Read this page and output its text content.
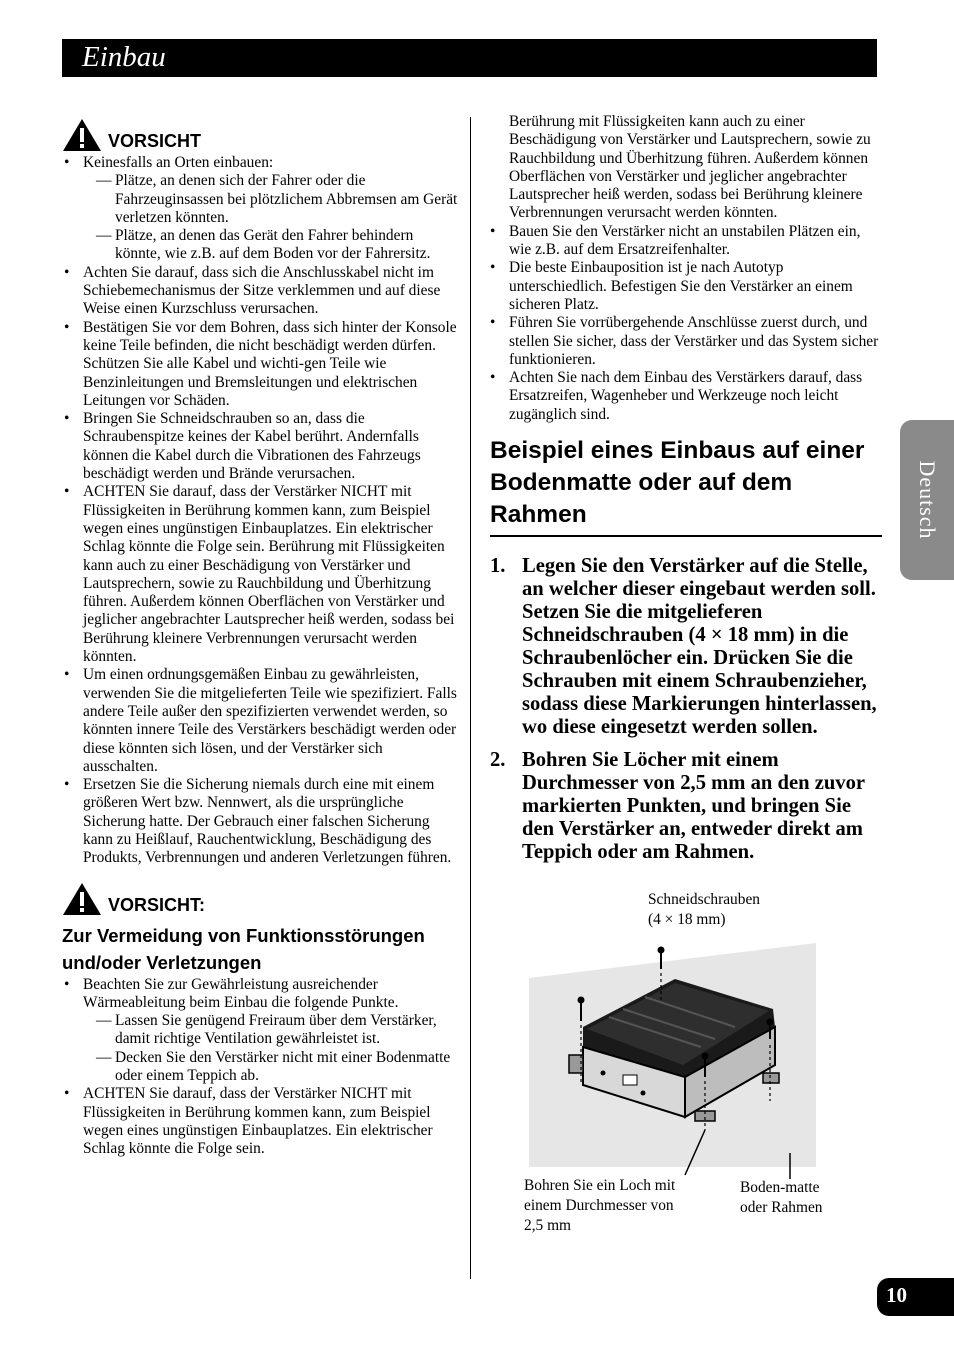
Einbau
VORSICHT
• Keinesfalls an Orten einbauen:
— Plätze, an denen sich der Fahrer oder die Fahrzeuginsassen bei plötzlichem Abbremsen am Gerät verletzen könnten.
— Plätze, an denen das Gerät den Fahrer behindern könnte, wie z.B. auf dem Boden vor der Fahrersitz.
• Achten Sie darauf, dass sich die Anschlusskabel nicht im Schiebemechanismus der Sitze verklemmen und auf diese Weise einen Kurzschluss verursachen.
• Bestätigen Sie vor dem Bohren, dass sich hinter der Konsole keine Teile befinden, die nicht beschädigt werden dürfen. Schützen Sie alle Kabel und wichti-gen Teile wie Benzinleitungen und Bremsleitungen und elektrischen Leitungen vor Schäden.
• Bringen Sie Schneidschrauben so an, dass die Schraubenspitze keines der Kabel berührt. Andernfalls können die Kabel durch die Vibrationen des Fahrzeugs beschädigt werden und Brände verursachen.
• ACHTEN Sie darauf, dass der Verstärker NICHT mit Flüssigkeiten in Berührung kommen kann, zum Beispiel wegen eines ungünstigen Einbauplatzes. Ein elektrischer Schlag könnte die Folge sein. Berührung mit Flüssigkeiten kann auch zu einer Beschädigung von Verstärker und Lautsprechern, sowie zu Rauchbildung und Überhitzung führen. Außerdem können Oberflächen von Verstärker und jeglicher angebrachter Lautsprecher heiß werden, sodass bei Berührung kleinere Verbrennungen verursacht werden könnten.
• Um einen ordnungsgemäßen Einbau zu gewährleisten, verwenden Sie die mitgelieferten Teile wie spezifiziert. Falls andere Teile außer den spezifizierten verwendet werden, so könnten innere Teile des Verstärkers beschädigt werden oder diese könnten sich lösen, und der Verstärker sich ausschalten.
• Ersetzen Sie die Sicherung niemals durch eine mit einem größeren Wert bzw. Nennwert, als die ursprüngliche Sicherung hatte. Der Gebrauch einer falschen Sicherung kann zu Heißlauf, Rauchentwicklung, Beschädigung des Produkts, Verbrennungen und anderen Verletzungen führen.
VORSICHT:
Zur Vermeidung von Funktionsstörungen und/oder Verletzungen
• Beachten Sie zur Gewährleistung ausreichender Wärmeableitung beim Einbau die folgende Punkte.
— Lassen Sie genügend Freiraum über dem Verstärker, damit richtige Ventilation gewährleistet ist.
— Decken Sie den Verstärker nicht mit einer Bodenmatte oder einem Teppich ab.
• ACHTEN Sie darauf, dass der Verstärker NICHT mit Flüssigkeiten in Berührung kommen kann, zum Beispiel wegen eines ungünstigen Einbauplatzes. Ein elektrischer Schlag könnte die Folge sein.
Berührung mit Flüssigkeiten kann auch zu einer Beschädigung von Verstärker und Lautsprechern, sowie zu Rauchbildung und Überhitzung führen. Außerdem können Oberflächen von Verstärker und jeglicher angebrachter Lautsprecher heiß werden, sodass bei Berührung kleinere Verbrennungen verursacht werden könnten.
• Bauen Sie den Verstärker nicht an unstabilen Plätzen ein, wie z.B. auf dem Ersatzreifenhalter.
• Die beste Einbauposition ist je nach Autotyp unterschiedlich. Befestigen Sie den Verstärker an einem sicheren Platz.
• Führen Sie vorrübergehende Anschlüsse zuerst durch, und stellen Sie sicher, dass der Verstärker und das System sicher funktionieren.
• Achten Sie nach dem Einbau des Verstärkers darauf, dass Ersatzreifen, Wagenheber und Werkzeuge noch leicht zugänglich sind.
Beispiel eines Einbaus auf einer Bodenmatte oder auf dem Rahmen
1. Legen Sie den Verstärker auf die Stelle, an welcher dieser eingebaut werden soll. Setzen Sie die mitgelieferen Schneidschrauben (4 × 18 mm) in die Schraubenlöcher ein. Drücken Sie die Schrauben mit einem Schraubenzieher, sodass diese Markierungen hinterlassen, wo diese eingesetzt werden sollen.
2. Bohren Sie Löcher mit einem Durchmesser von 2,5 mm an den zuvor markierten Punkten, und bringen Sie den Verstärker an, entweder direkt am Teppich oder am Rahmen.
Schneidschrauben
(4 × 18 mm)
Bohren Sie ein Loch mit
einem Durchmesser von
2,5 mm
Boden-matte
oder Rahmen
Deutsch
10
